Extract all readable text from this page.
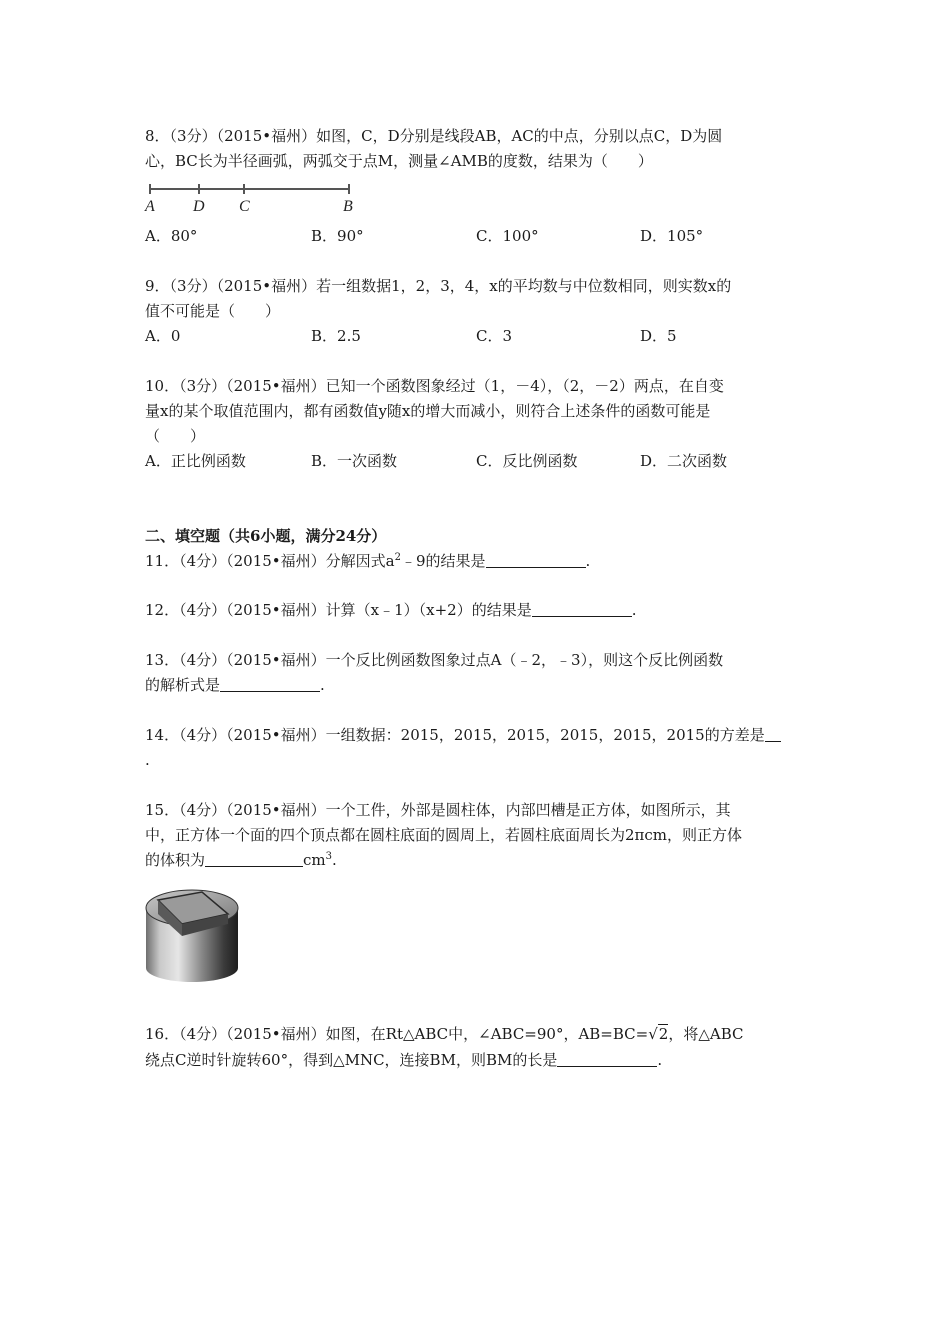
8．（3分）（2015•福州）如图，C，D分别是线段AB，AC的中点，分别以点C，D为圆
心，BC长为半径画弧，两弧交于点M，测量∠AMB的度数，结果为（　　）
A D C	B
A．80°	B．90°	C．100°	D．105°
9．（3分）（2015•福州）若一组数据1，2，3，4，x的平均数与中位数相同，则实数x的
值不可能是（　　）
A．0	B．2.5	C．3	D．5
10．（3分）（2015•福州）已知一个函数图象经过（1，－4），（2，－2）两点，在自变
量x的某个取值范围内，都有函数值y随x的增大而减小，则符合上述条件的函数可能是
（　　）
A．正比例函数	B．一次函数	C．反比例函数	D．二次函数
二、填空题（共6小题，满分24分）
11．（4分）（2015•福州）分解因式$a^2﹣9$的结果是	.
12．（4分）（2015•福州）计算（x﹣1）（x+2）的结果是	.
13．（4分）（2015•福州）一个反比例函数图象过点A（﹣2，﹣3），则这个反比例函数
的解析式是	.
14．（4分）（2015•福州）一组数据：2015，2015，2015，2015，2015，2015的方差是
.
15．（4分）（2015•福州）一个工件，外部是圆柱体，内部凹槽是正方体，如图所示，其
中，正方体一个面的四个顶点都在圆柱底面的圆周上，若圆柱底面周长为2πcm，则正方体
的体积为	$cm^3$.
16．（4分）（2015•福州）如图，在Rt△ABC中，∠ABC=90°，AB=BC=√2，将△ABC
绕点C逆时针旋转60°，得到△MNC，连接BM，则BM的长是	.
